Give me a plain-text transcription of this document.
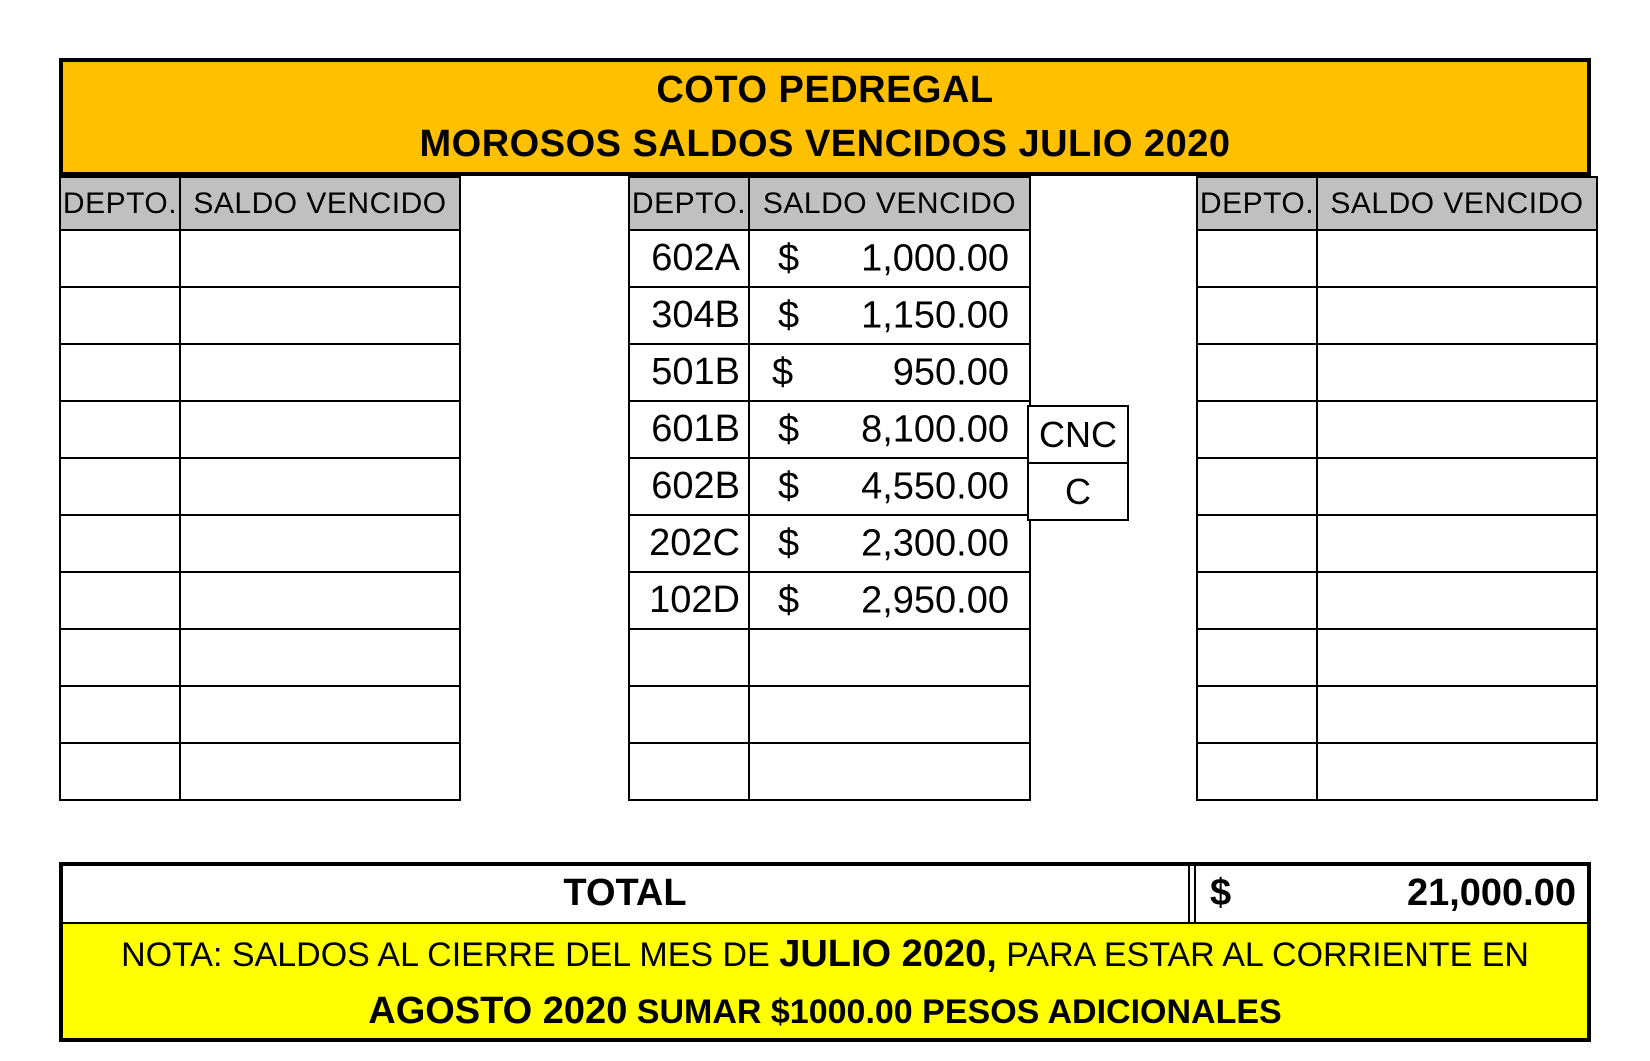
COTO PEDREGAL
MOROSOS SALDOS VENCIDOS JULIO 2020
DEPTO.	SALDO VENCIDO

		DEPTO.	SALDO VENCIDO
602A	$ 1,000.00

304B	$ 1,150.00

501B	$ 950.00

601B	$ 8,100.00

602B	$ 4,550.00

202C	$ 2,300.00

102D	$ 2,950.00

DEPTO.	SALDO VENCIDO

CNC
C
TOTAL	$	21,000.00
NOTA: SALDOS AL CIERRE DEL MES DE JULIO 2020, PARA ESTAR AL CORRIENTE EN AGOSTO 2020 SUMAR $1000.00 PESOS ADICIONALES
